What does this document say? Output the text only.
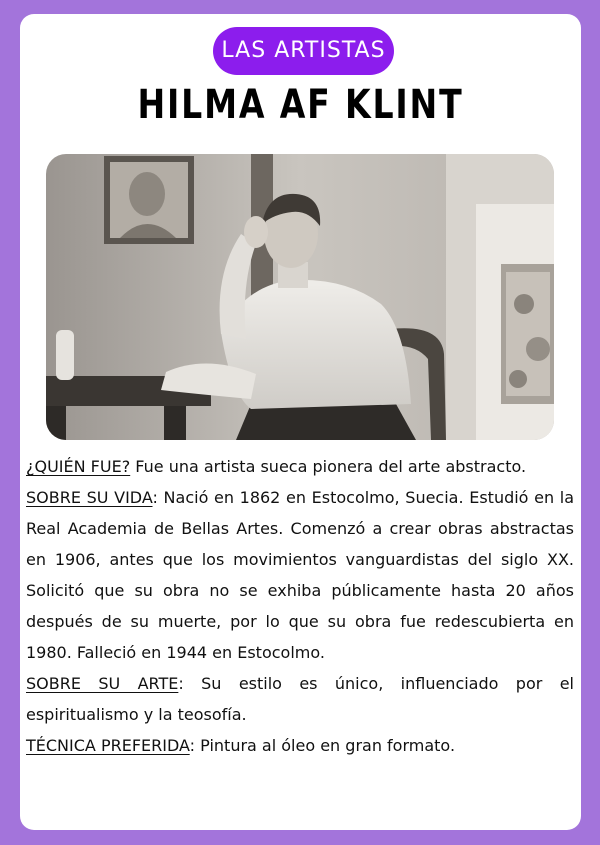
LAS ARTISTAS
HILMA AF KLINT

¿QUIÉN FUE? Fue una artista sueca pionera del arte abstracto.

SOBRE SU VIDA: Nació en 1862 en Estocolmo, Suecia. Estudió en la Real Academia de Bellas Artes. Comenzó a crear obras abstractas en 1906, antes que los movimientos vanguardistas del siglo XX. Solicitó que su obra no se exhiba públicamente hasta 20 años después de su muerte, por lo que su obra fue redescubierta en 1980. Falleció en 1944 en Estocolmo.

SOBRE SU ARTE: Su estilo es único, influenciado por el espiritualismo y la teosofía.

TÉCNICA PREFERIDA: Pintura al óleo en gran formato.
